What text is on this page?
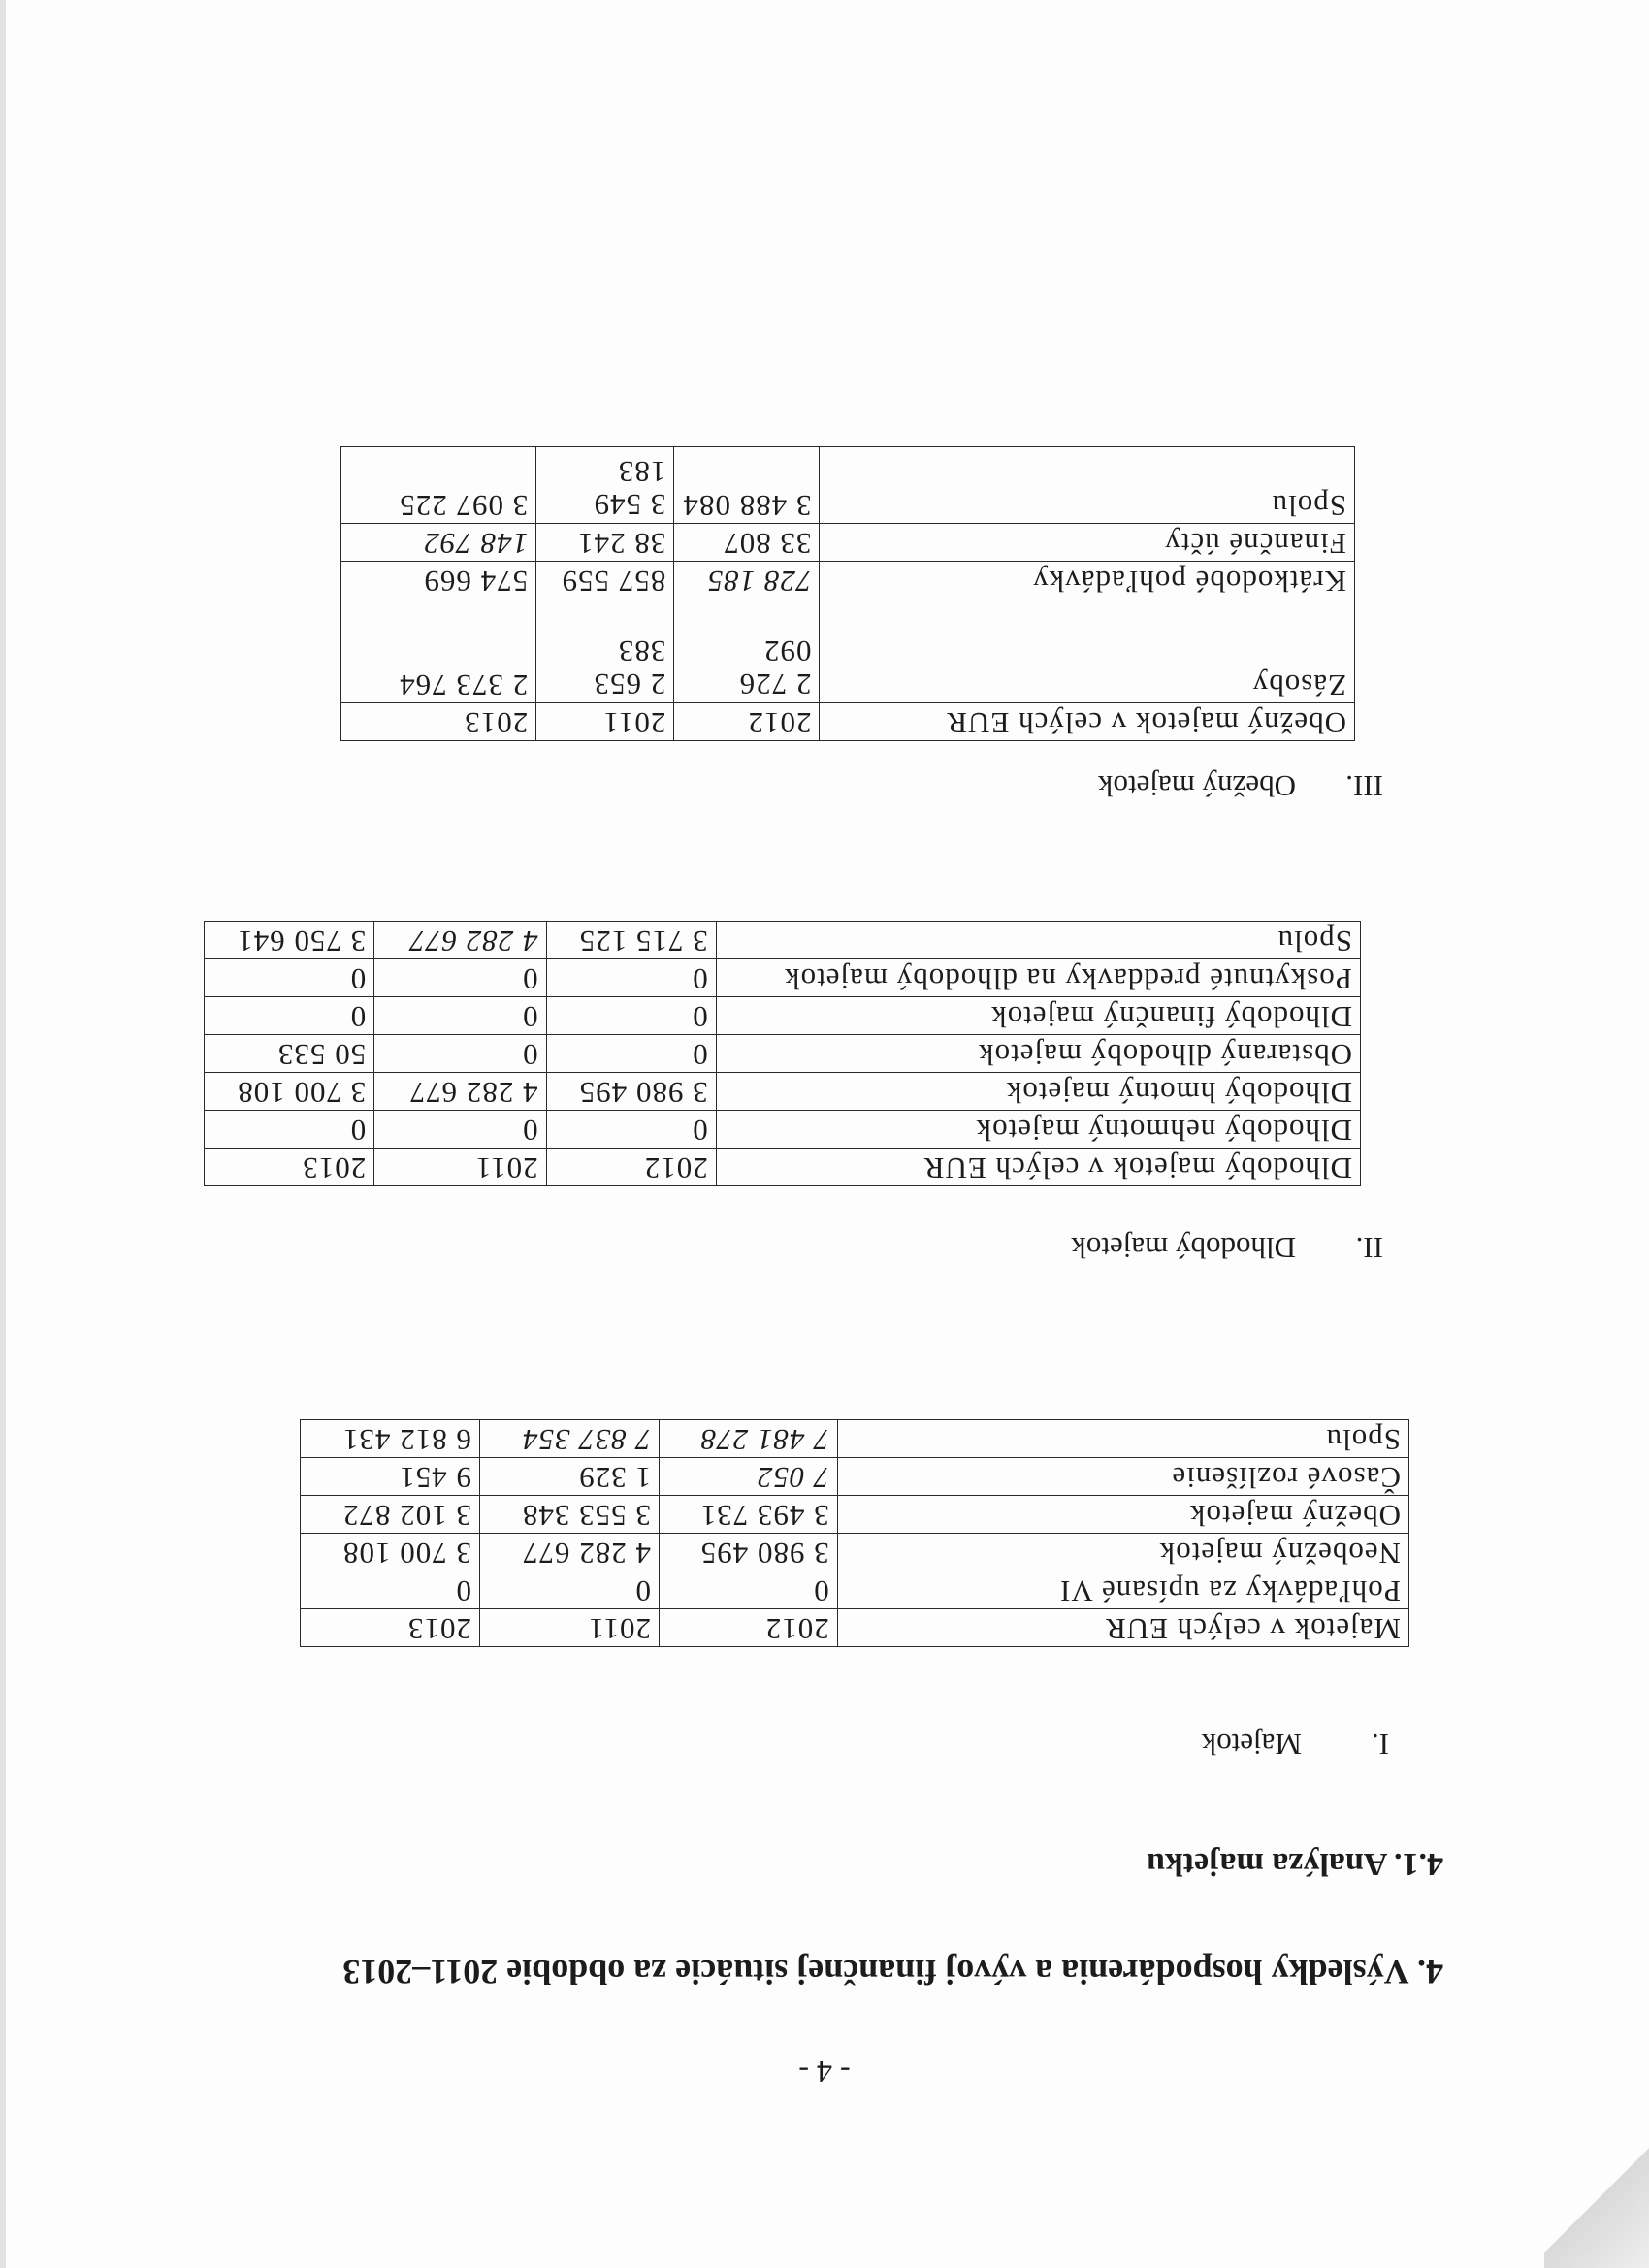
- 4 -
4. Výsledky hospodárenia a vývoj finančnej situácie za obdobie 2011–2013
4.1. Analýza majetku
I.Majetok
Majetok v celých EUR	2012	2011	2013
Pohľadávky za upísané VI	0	0	0
Neobežný majetok	3 980 495	4 282 677	3 700 108
Obežný majetok	3 493 731	3 553 348	3 102 872
Časové rozlíšenie	7 052	1 329	9 451
Spolu	7 481 278	7 837 354	6 812 431
II.Dlhodobý majetok
Dlhodobý majetok v celých EUR	2012	2011	2013
Dlhodobý nehmotný majetok	0	0	0
Dlhodobý hmotný majetok	3 980 495	4 282 677	3 700 108
Obstaraný dlhodobý majetok	0	0	50 533
Dlhodobý finančný majetok	0	0	0
Poskytnuté preddavky na dlhodobý majetok	0	0	0
Spolu	3 715 125	4 282 677	3 750 641
III.Obežný majetok
Obežný majetok v celých EUR	2012	2011	2013
Zásoby	2 726 092	2 653 383	2 373 764
Krátkodobé pohľadávky	728 185	857 559	574 669
Finančné účty	33 807	38 241	148 792
Spolu	3 488 084	3 549 183	3 097 225
